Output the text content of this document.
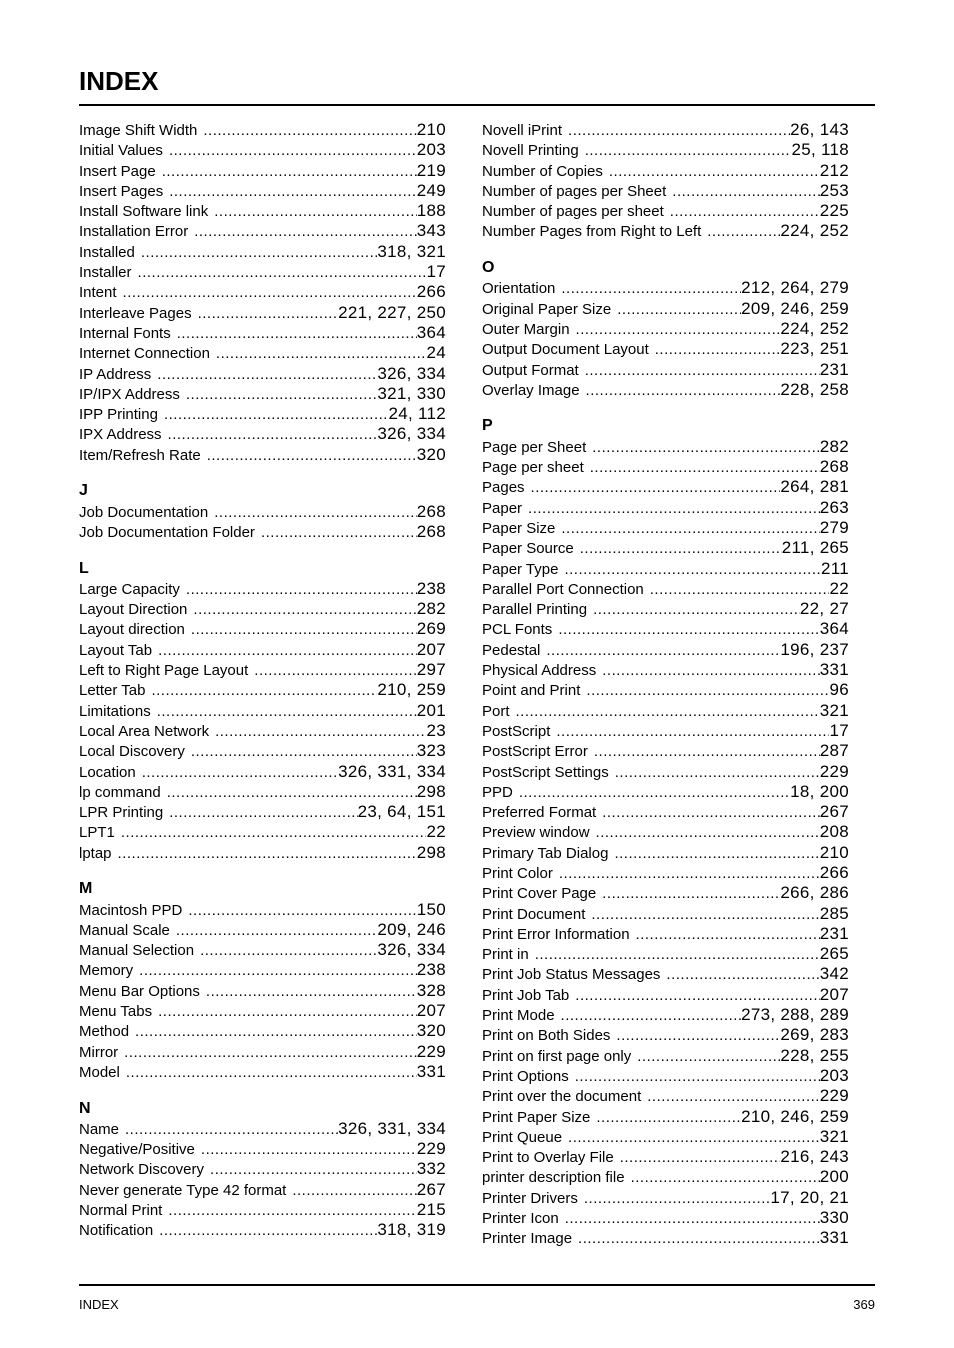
INDEX
Image Shift Width .....	210
Initial Values .....	203
Insert Page .....	219
Insert Pages .....	249
Install Software link .....	188
Installation Error .....	343
Installed .....	318, 321
Installer .....	17
Intent .....	266
Interleave Pages .....	221, 227, 250
Internal Fonts .....	364
Internet Connection .....	24
IP Address .....	326, 334
IP/IPX Address .....	321, 330
IPP Printing .....	24, 112
IPX Address .....	326, 334
Item/Refresh Rate .....	320
J
Job Documentation .....	268
Job Documentation Folder .....	268
L
Large Capacity .....	238
Layout Direction .....	282
Layout direction .....	269
Layout Tab .....	207
Left to Right Page Layout .....	297
Letter Tab .....	210, 259
Limitations .....	201
Local Area Network .....	23
Local Discovery .....	323
Location .....	326, 331, 334
lp command .....	298
LPR Printing .....	23, 64, 151
LPT1 .....	22
lptap .....	298
M
Macintosh PPD .....	150
Manual Scale .....	209, 246
Manual Selection .....	326, 334
Memory .....	238
Menu Bar Options .....	328
Menu Tabs .....	207
Method .....	320
Mirror .....	229
Model .....	331
N
Name .....	326, 331, 334
Negative/Positive .....	229
Network Discovery .....	332
Never generate Type 42 format .....	267
Normal Print .....	215
Notification .....	318, 319
Novell iPrint .....	26, 143
Novell Printing .....	25, 118
Number of Copies .....	212
Number of pages per Sheet .....	253
Number of pages per sheet .....	225
Number Pages from Right to Left .....	224, 252
O
Orientation .....	212, 264, 279
Original Paper Size .....	209, 246, 259
Outer Margin .....	224, 252
Output Document Layout .....	223, 251
Output Format .....	231
Overlay Image .....	228, 258
P
Page per Sheet .....	282
Page per sheet .....	268
Pages .....	264, 281
Paper .....	263
Paper Size .....	279
Paper Source .....	211, 265
Paper Type .....	211
Parallel Port Connection .....	22
Parallel Printing .....	22, 27
PCL Fonts .....	364
Pedestal .....	196, 237
Physical Address .....	331
Point and Print .....	96
Port .....	321
PostScript .....	17
PostScript Error .....	287
PostScript Settings .....	229
PPD .....	18, 200
Preferred Format .....	267
Preview window .....	208
Primary Tab Dialog .....	210
Print Color .....	266
Print Cover Page .....	266, 286
Print Document .....	285
Print Error Information .....	231
Print in .....	265
Print Job Status Messages .....	342
Print Job Tab .....	207
Print Mode .....	273, 288, 289
Print on Both Sides .....	269, 283
Print on first page only .....	228, 255
Print Options .....	203
Print over the document .....	229
Print Paper Size .....	210, 246, 259
Print Queue .....	321
Print to Overlay File .....	216, 243
printer description file .....	200
Printer Drivers .....	17, 20, 21
Printer Icon .....	330
Printer Image .....	331
INDEX	369
